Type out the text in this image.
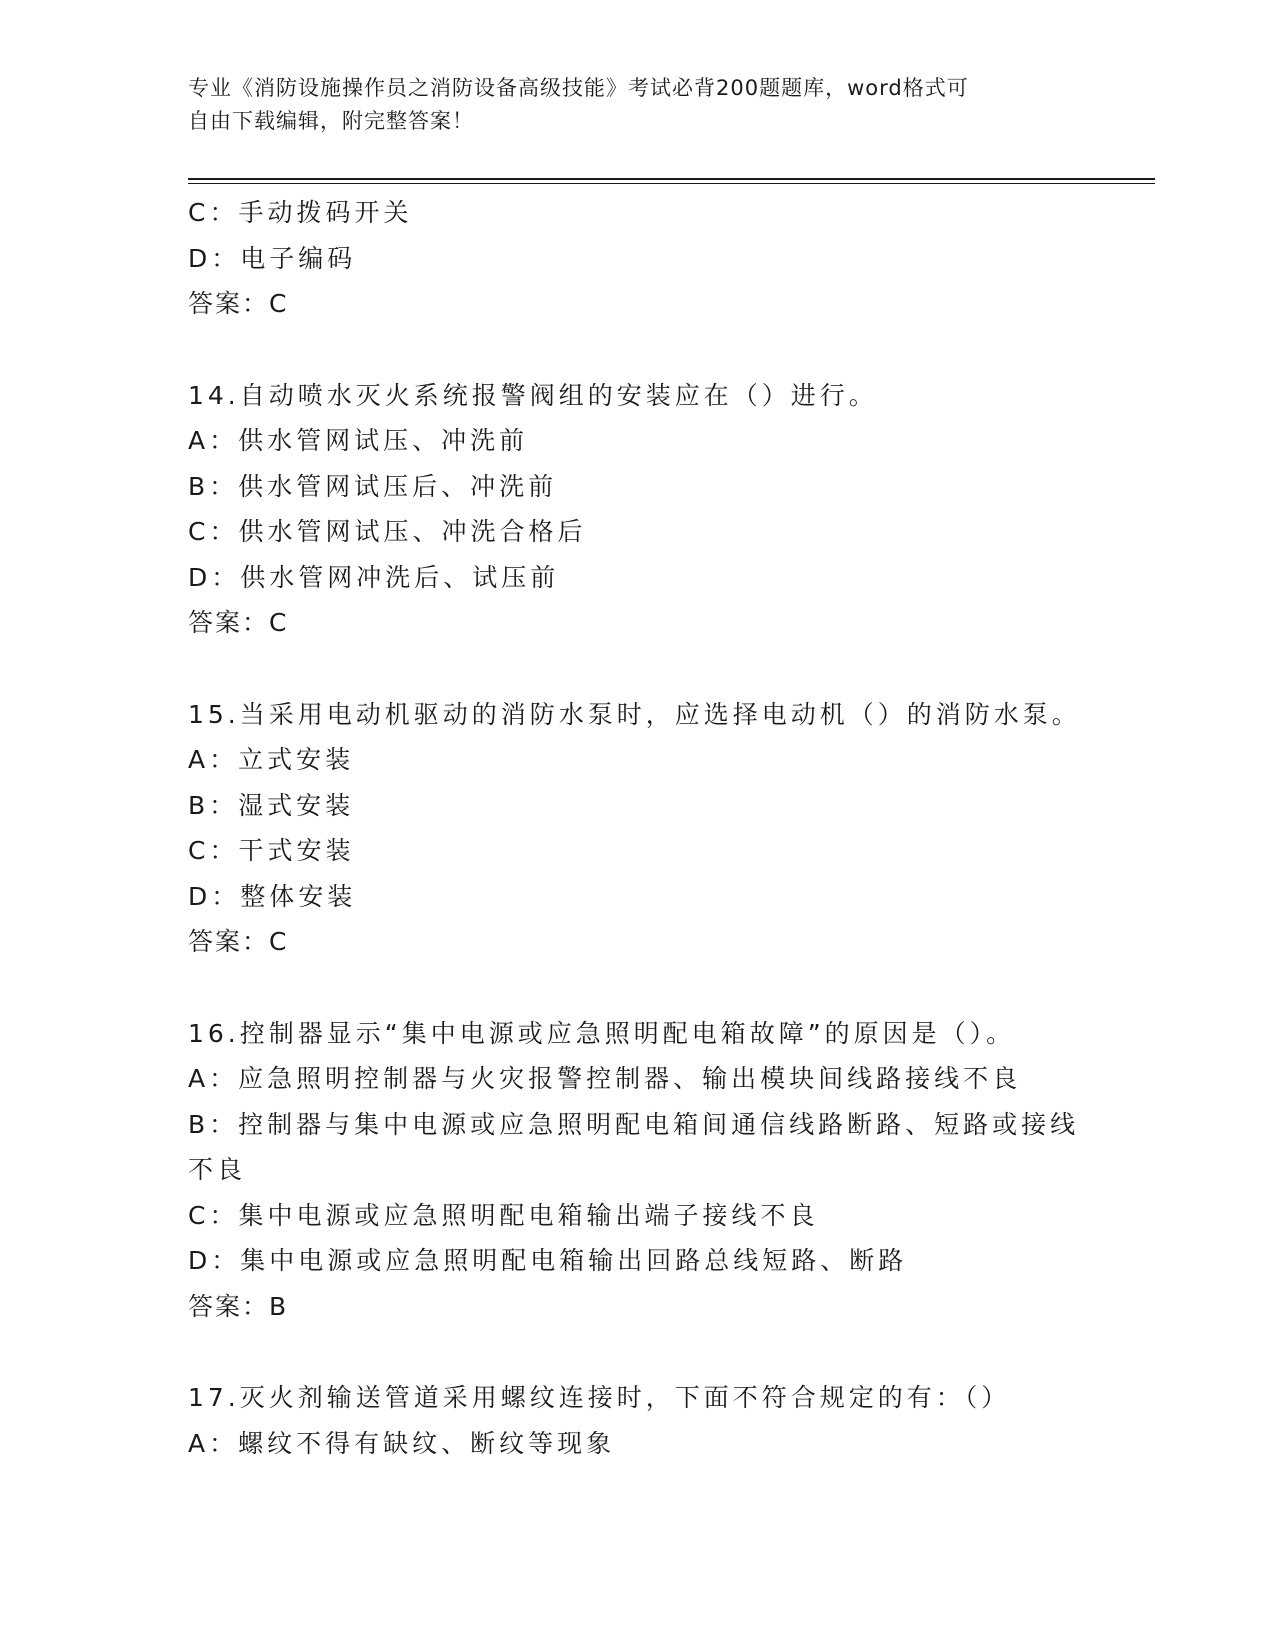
专业《消防设施操作员之消防设备高级技能》考试必背200题题库，word格式可
自由下载编辑，附完整答案！
C：手动拨码开关
D：电子编码
答案：C
14.自动喷水灭火系统报警阀组的安装应在（）进行。
A：供水管网试压、冲洗前
B：供水管网试压后、冲洗前
C：供水管网试压、冲洗合格后
D：供水管网冲洗后、试压前
答案：C
15.当采用电动机驱动的消防水泵时，应选择电动机（）的消防水泵。
A：立式安装
B：湿式安装
C：干式安装
D：整体安装
答案：C
16.控制器显示“集中电源或应急照明配电箱故障”的原因是（）。
A：应急照明控制器与火灾报警控制器、输出模块间线路接线不良
B：控制器与集中电源或应急照明配电箱间通信线路断路、短路或接线不良
C：集中电源或应急照明配电箱输出端子接线不良
D：集中电源或应急照明配电箱输出回路总线短路、断路
答案：B
17.灭火剂输送管道采用螺纹连接时，下面不符合规定的有：（）
A：螺纹不得有缺纹、断纹等现象
